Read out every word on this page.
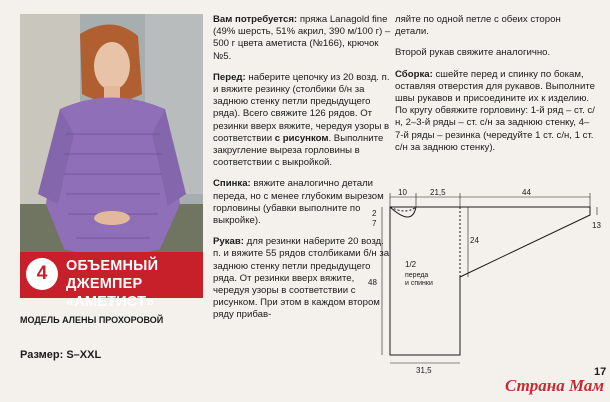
4	ОБЪЕМНЫЙ ДЖЕМПЕР «АМЕТИСТ»
МОДЕЛЬ АЛЕНЫ ПРОХОРОВОЙ
Размер: S–XXL

Вам потребуется: пряжа Lanagold fine (49% шерсть, 51% акрил, 390 м/100 г) – 500 г цвета аметиста (№166), крючок №5.

Перед: наберите цепочку из 20 возд. п. и вяжите резинку (столбики б/н за заднюю стенку петли предыдущего ряда). Всего свяжите 126 рядов. От резинки вверх вяжите, чередуя узоры в соответствии с рисунком. Выполните закругление выреза горловины в соответствии с выкройкой.

Спинка: вяжите аналогично детали переда, но с менее глубоким вырезом горловины (убавки выполните по выкройке).

Рукав: для резинки наберите 20 возд. п. и вяжите 55 рядов столбиками б/н за заднюю стенку петли предыдущего ряда. От резинки вверх вяжите, чередуя узоры в соответствии с рисунком. При этом в каждом втором ряду прибав-

ляйте по одной петле с обеих сторон детали.

Второй рукав свяжите аналогично.

Сборка: сшейте перед и спинку по бокам, оставляя отверстия для рукавов. Выполните швы рукавов и присоедините их к изделию. По кругу обвяжите горловину: 1-й ряд – ст. с/н, 2–3-й ряды – ст. с/н за заднюю стенку, 4–7-й ряды – резинка (чередуйте 1 ст. с/н, 1 ст. с/н за заднюю стенку).

10	21,5	44
13
2
7
24
48
31,5
1/2
переда
и спинки
17
Страна Мам
